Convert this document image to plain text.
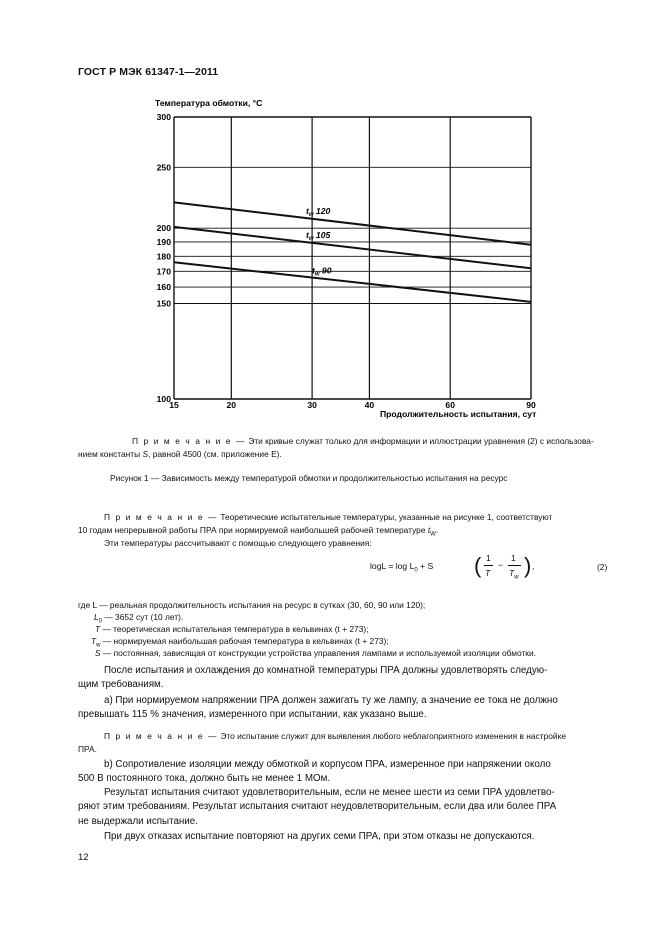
ГОСТ Р МЭК 61347-1—2011
300
250
200
190
180
170
160
150
100
15	20	30	40	60	90
$t_w$ 120
$t_w$ 105
$t_w$ 90
Температура обмотки, °С
Продолжительность испытания, сут
П р и м е ч а н и е — Эти кривые служат только для информации и иллюстрации уравнения (2) с использова-
нием константы S, равной 4500 (см. приложение Е).
Рисунок 1 — Зависимость между температурой обмотки и продолжительностью испытания на ресурс
П р и м е ч а н и е — Теоретические испытательные температуры, указанные на рисунке 1, соответствуют
10 годам непрерывной работы ПРА при нормируемой наибольшей рабочей температуре $t_W$.
Эти температуры рассчитывают с помощью следующего уравнения:
$\log L = \log L_0 + S$ ( 1
T
−
1
$T_w$ ) ,	(2)
где L — реальная продолжительность испытания на ресурс в сутках (30, 60, 90 или 120);
$L_0$ — 3652 сут (10 лет).
T — теоретическая испытательная температура в кельвинах (t + 273);
$T_w$ — нормируемая наибольшая рабочая температура в кельвинах (t + 273);
S — постоянная, зависящая от конструкции устройства управления лампами и используемой изоляции обмотки.
После испытания и охлаждения до комнатной температуры ПРА должны удовлетворять следую-
щим требованиям.
а) При нормируемом напряжении ПРА должен зажигать ту же лампу, а значение ее тока не должно
превышать 115 % значения, измеренного при испытании, как указано выше.
П р и м е ч а н и е — Это испытание служит для выявления любого неблагоприятного изменения в настройке
ПРА.
b) Сопротивление изоляции между обмоткой и корпусом ПРА, измеренное при напряжении около
500 В постоянного тока, должно быть не менее 1 МОм.
Результат испытания считают удовлетворительным, если не менее шести из семи ПРА удовлетво-
ряют этим требованиям. Результат испытания считают неудовлетворительным, если два или более ПРА
не выдержали испытание.
При двух отказах испытание повторяют на других семи ПРА, при этом отказы не допускаются.
12
